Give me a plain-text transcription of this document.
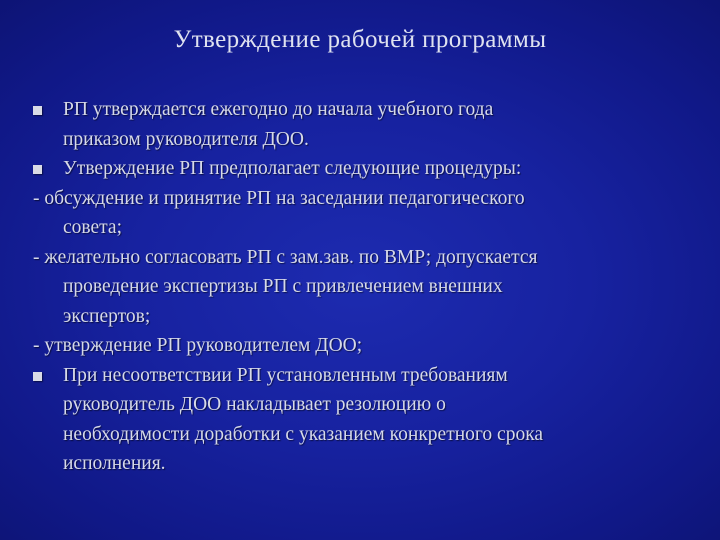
Утверждение рабочей программы
РП утверждается ежегодно до начала учебного года
приказом руководителя ДОО.
Утверждение РП предполагает следующие процедуры:
- обсуждение и принятие РП на заседании педагогического
совета;
- желательно согласовать РП с зам.зав. по ВМР; допускается
проведение экспертизы РП с привлечением внешних
экспертов;
- утверждение РП руководителем ДОО;
При несоответствии РП установленным требованиям
руководитель ДОО накладывает резолюцию о
необходимости доработки с указанием конкретного срока
исполнения.
